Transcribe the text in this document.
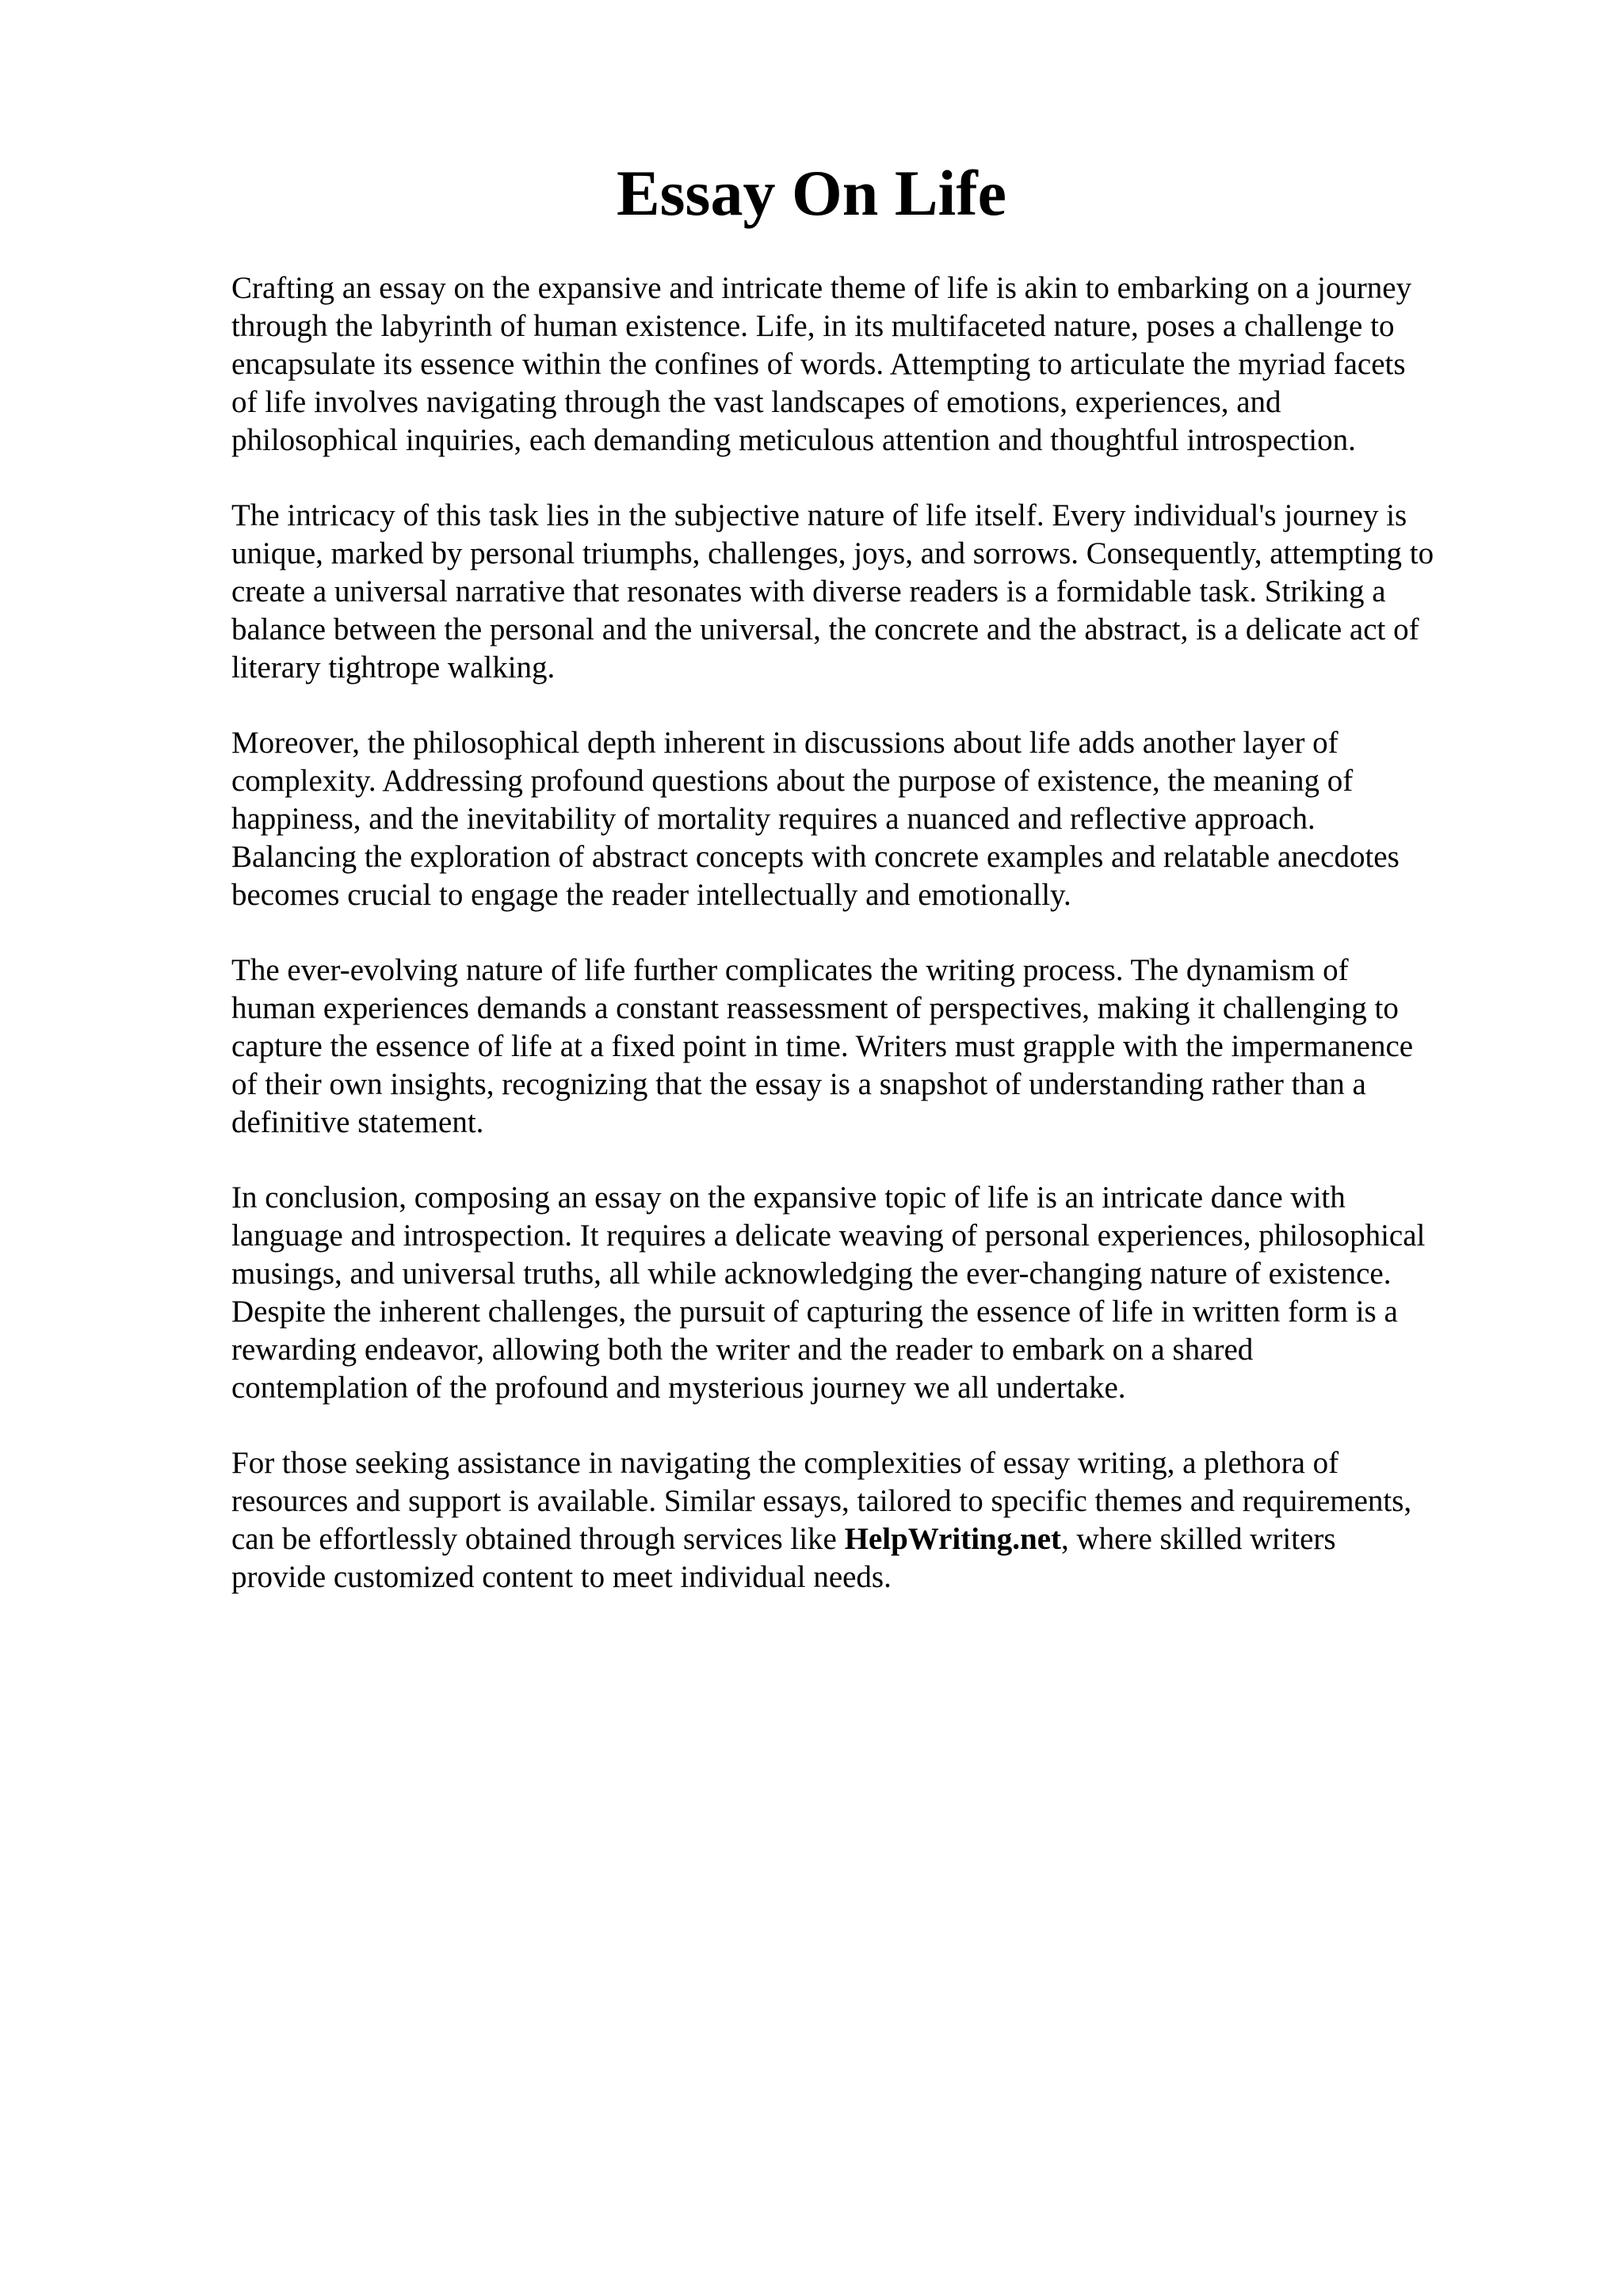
Essay On Life

Crafting an essay on the expansive and intricate theme of life is akin to embarking on a journey
through the labyrinth of human existence. Life, in its multifaceted nature, poses a challenge to
encapsulate its essence within the confines of words. Attempting to articulate the myriad facets
of life involves navigating through the vast landscapes of emotions, experiences, and
philosophical inquiries, each demanding meticulous attention and thoughtful introspection.

The intricacy of this task lies in the subjective nature of life itself. Every individual's journey is
unique, marked by personal triumphs, challenges, joys, and sorrows. Consequently, attempting to
create a universal narrative that resonates with diverse readers is a formidable task. Striking a
balance between the personal and the universal, the concrete and the abstract, is a delicate act of
literary tightrope walking.

Moreover, the philosophical depth inherent in discussions about life adds another layer of
complexity. Addressing profound questions about the purpose of existence, the meaning of
happiness, and the inevitability of mortality requires a nuanced and reflective approach.
Balancing the exploration of abstract concepts with concrete examples and relatable anecdotes
becomes crucial to engage the reader intellectually and emotionally.

The ever-evolving nature of life further complicates the writing process. The dynamism of
human experiences demands a constant reassessment of perspectives, making it challenging to
capture the essence of life at a fixed point in time. Writers must grapple with the impermanence
of their own insights, recognizing that the essay is a snapshot of understanding rather than a
definitive statement.

In conclusion, composing an essay on the expansive topic of life is an intricate dance with
language and introspection. It requires a delicate weaving of personal experiences, philosophical
musings, and universal truths, all while acknowledging the ever-changing nature of existence.
Despite the inherent challenges, the pursuit of capturing the essence of life in written form is a
rewarding endeavor, allowing both the writer and the reader to embark on a shared
contemplation of the profound and mysterious journey we all undertake.

For those seeking assistance in navigating the complexities of essay writing, a plethora of
resources and support is available. Similar essays, tailored to specific themes and requirements,
can be effortlessly obtained through services like HelpWriting.net, where skilled writers
provide customized content to meet individual needs.
